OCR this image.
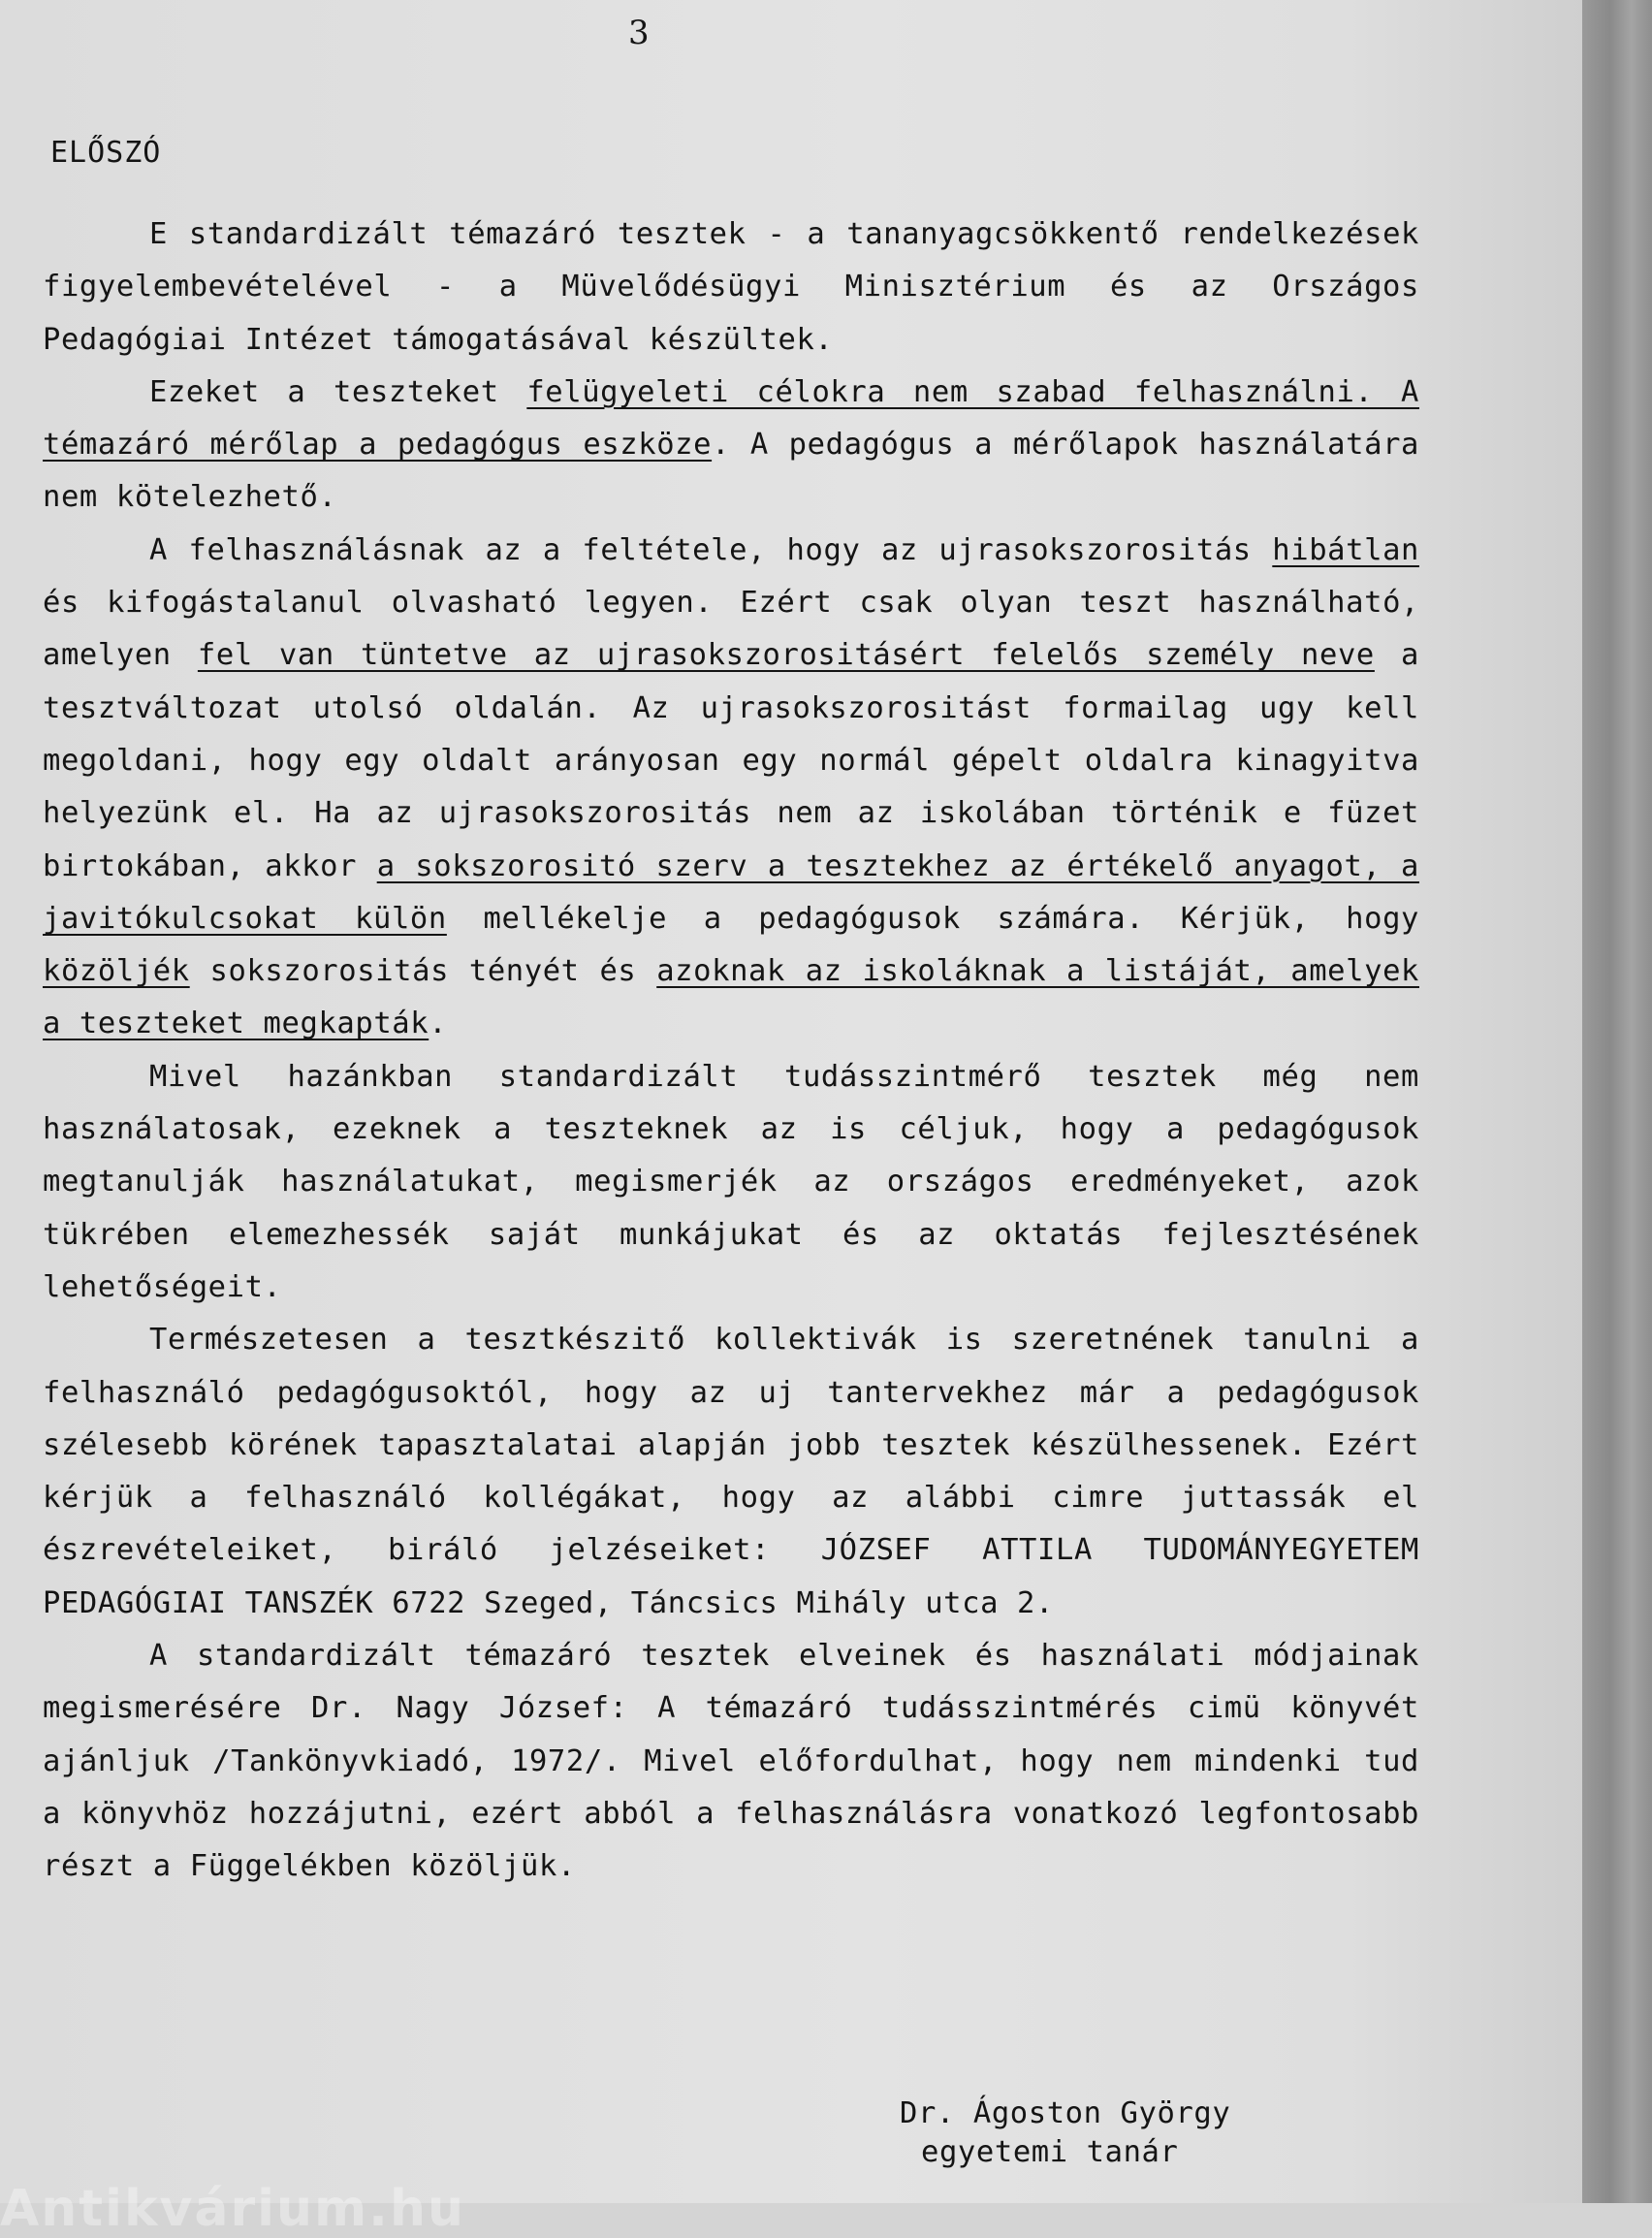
3
ELŐSZÓ

E standardizált témazáró tesztek - a tananyagcsökkentő rendelkezések figyelembevételével - a Müvelődésügyi Minisztérium és az Országos Pedagógiai Intézet támogatásával készültek.

Ezeket a teszteket felügyeleti célokra nem szabad felhasználni. A témazáró mérőlap a pedagógus eszköze. A pedagógus a mérőlapok használatára nem kötelezhető.

A felhasználásnak az a feltétele, hogy az ujrasokszorositás hibátlan és kifogástalanul olvasható legyen. Ezért csak olyan teszt használható, amelyen fel van tüntetve az ujrasokszorositásért felelős személy neve a tesztváltozat utolsó oldalán. Az ujrasokszorositást formailag ugy kell megoldani, hogy egy oldalt arányosan egy normál gépelt oldalra kinagyitva helyezünk el. Ha az ujrasokszorositás nem az iskolában történik e füzet birtokában, akkor a sokszorositó szerv a tesztekhez az értékelő anyagot, a javitókulcsokat külön mellékelje a pedagógusok számára. Kérjük, hogy közöljék sokszorositás tényét és azoknak az iskoláknak a listáját, amelyek a teszteket megkapták.

Mivel hazánkban standardizált tudásszintmérő tesztek még nem használatosak, ezeknek a teszteknek az is céljuk, hogy a pedagógusok megtanulják használatukat, megismerjék az országos eredményeket, azok tükrében elemezhessék saját munkájukat és az oktatás fejlesztésének lehetőségeit.

Természetesen a tesztkészitő kollektivák is szeretnének tanulni a felhasználó pedagógusoktól, hogy az uj tantervekhez már a pedagógusok szélesebb körének tapasztalatai alapján jobb tesztek készülhessenek. Ezért kérjük a felhasználó kollégákat, hogy az alábbi cimre juttassák el észrevételeiket, biráló jelzéseiket: JÓZSEF ATTILA TUDOMÁNYEGYETEM PEDAGÓGIAI TANSZÉK 6722 Szeged, Táncsics Mihály utca 2.

A standardizált témazáró tesztek elveinek és használati módjainak megismerésére Dr. Nagy József: A témazáró tudásszintmérés cimü könyvét ajánljuk /Tankönyvkiadó, 1972/. Mivel előfordulhat, hogy nem mindenki tud a könyvhöz hozzájutni, ezért abból a felhasználásra vonatkozó legfontosabb részt a Függelékben közöljük.

Dr. Ágoston György
egyetemi tanár
Antikvárium.hu
